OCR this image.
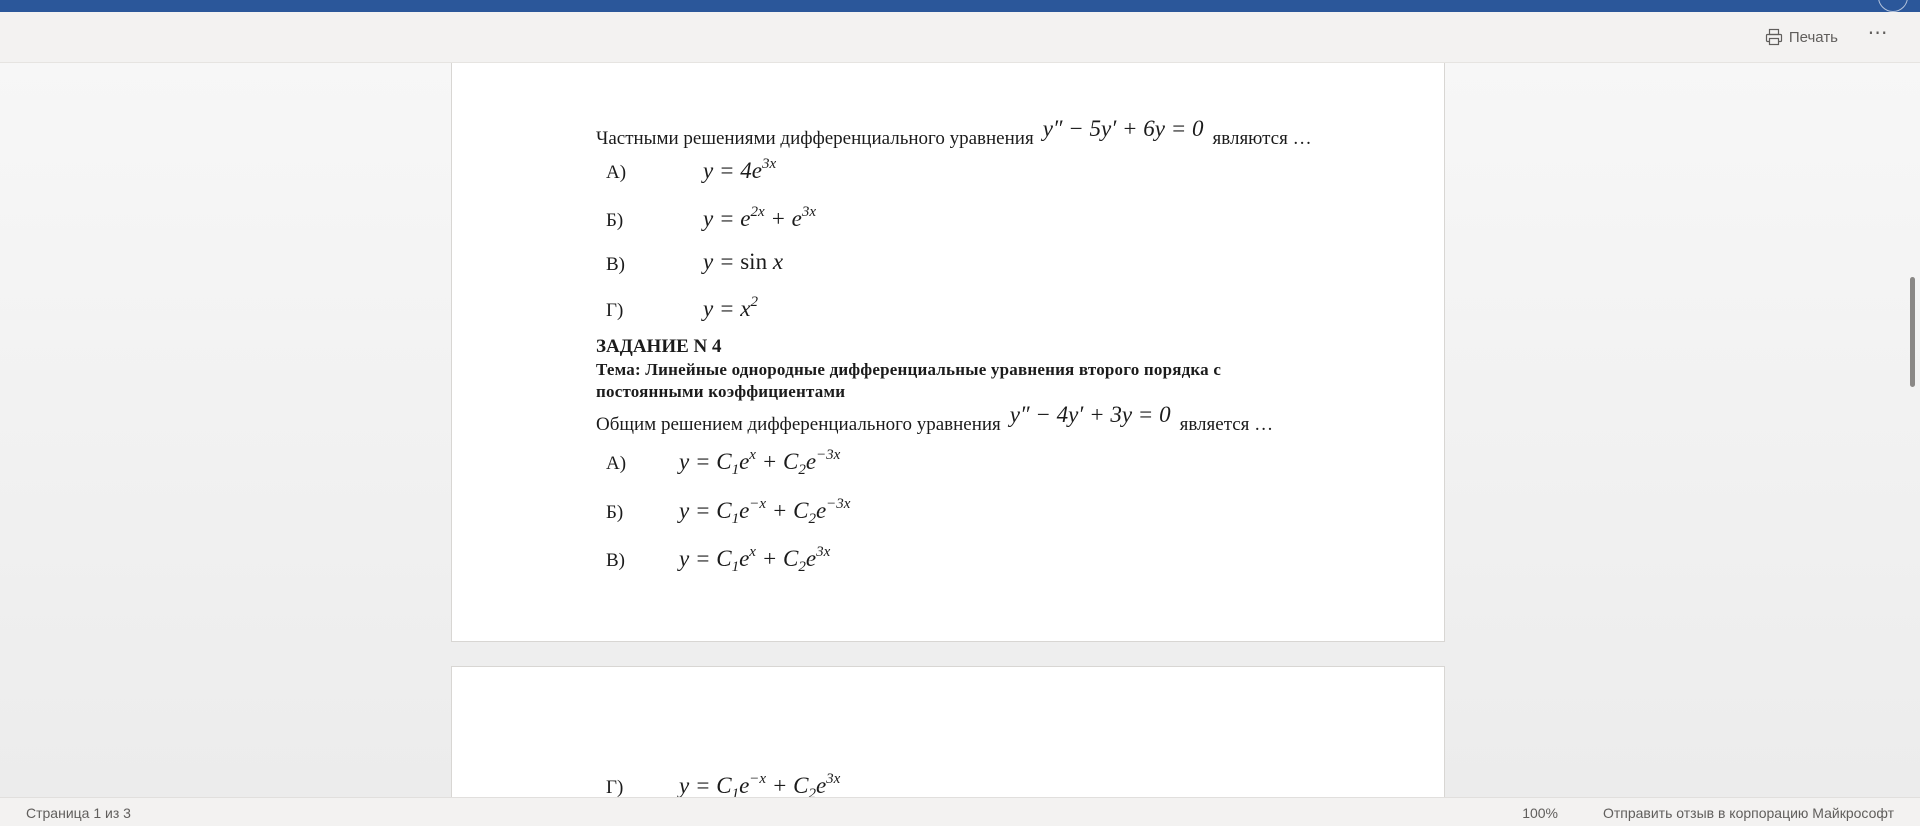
Печать ⋯
Частными решениями дифференциального уравнения y″ − 5y′ + 6y = 0 являются …
А)	$y = 4e^{3x}$
Б)	$y = e^{2x} + e^{3x}$
В)	y = sin x
Г)	$y = x^2$
ЗАДАНИЕ N 4
Тема: Линейные однородные дифференциальные уравнения второго порядка с
постоянными коэффициентами
Общим решением дифференциального уравнения y″ − 4y′ + 3y = 0 является …
А) $y = C_1e^x + C_2e^{-3x}$
Б) $y = C_1e^{-x} + C_2e^{-3x}$
В) $y = C_1e^x + C_2e^{3x}$
Г) $y = C_1e^{-x} + C_2e^{3x}$
Страница 1 из 3	100%	Отправить отзыв в корпорацию Майкрософт
